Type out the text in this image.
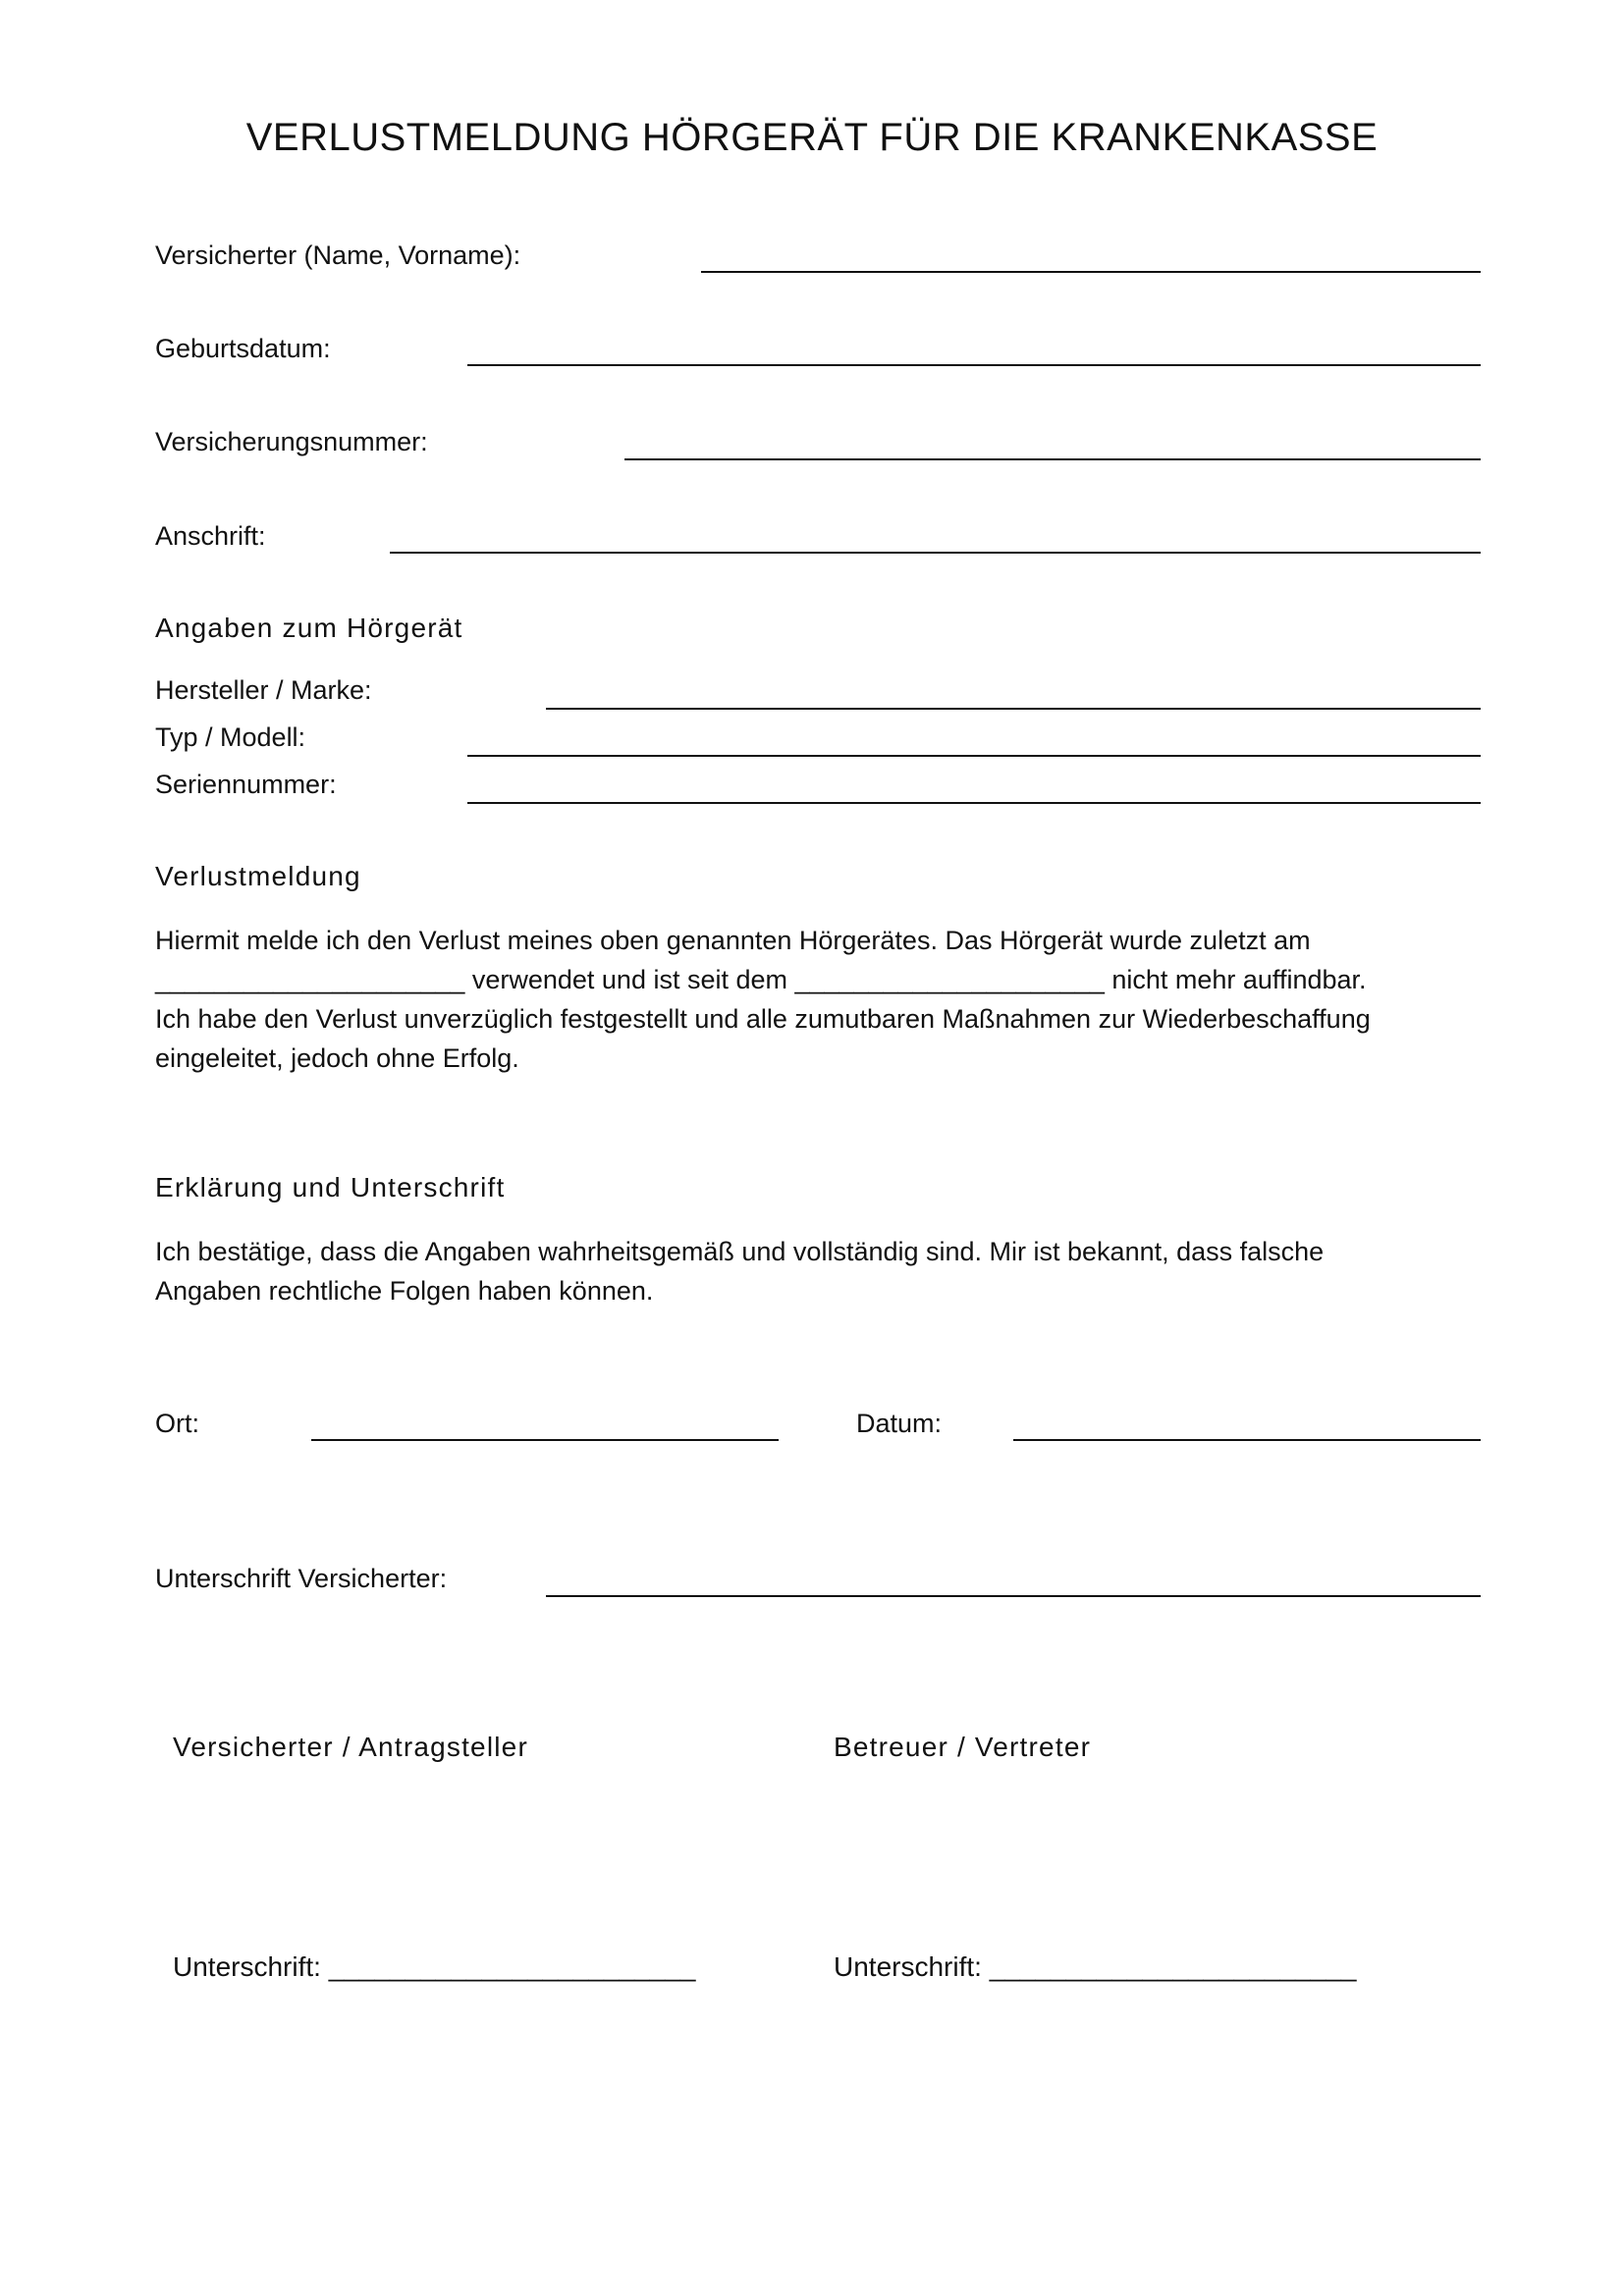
VERLUSTMELDUNG HÖRGERÄT FÜR DIE KRANKENKASSE
Versicherter (Name, Vorname):
Geburtsdatum:
Versicherungsnummer:
Anschrift:
Angaben zum Hörgerät
Hersteller / Marke:
Typ / Modell:
Seriennummer:
Verlustmeldung
Hiermit melde ich den Verlust meines oben genannten Hörgerätes. Das Hörgerät wurde zuletzt am
_____________________ verwendet und ist seit dem _____________________ nicht mehr auffindbar.
Ich habe den Verlust unverzüglich festgestellt und alle zumutbaren Maßnahmen zur Wiederbeschaffung
eingeleitet, jedoch ohne Erfolg.
Erklärung und Unterschrift
Ich bestätige, dass die Angaben wahrheitsgemäß und vollständig sind. Mir ist bekannt, dass falsche
Angaben rechtliche Folgen haben können.
Ort:	Datum:
Unterschrift Versicherter:
Versicherter / Antragsteller	Betreuer / Vertreter
Unterschrift: ________________________	Unterschrift: ________________________
